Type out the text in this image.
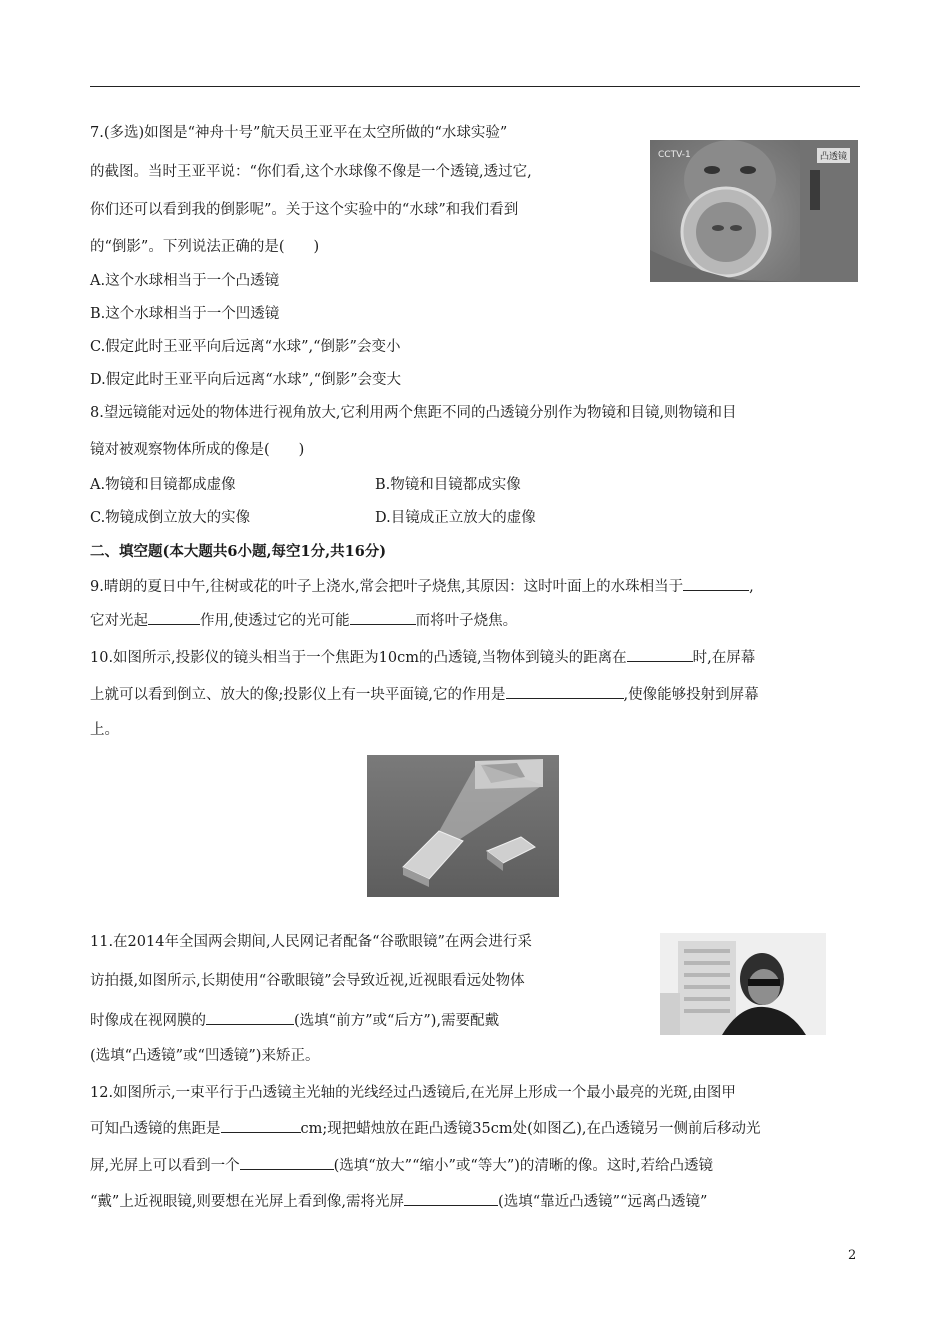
7.(多选)如图是“神舟十号”航天员王亚平在太空所做的“水球实验”
的截图。当时王亚平说：“你们看,这个水球像不像是一个透镜,透过它,
你们还可以看到我的倒影呢”。关于这个实验中的“水球”和我们看到
的“倒影”。下列说法正确的是(　　)
A.这个水球相当于一个凸透镜
B.这个水球相当于一个凹透镜
C.假定此时王亚平向后远离“水球”,“倒影”会变小
D.假定此时王亚平向后远离“水球”,“倒影”会变大
CCTV-1	凸透镜
8.望远镜能对远处的物体进行视角放大,它利用两个焦距不同的凸透镜分别作为物镜和目镜,则物镜和目
镜对被观察物体所成的像是(　　)
A.物镜和目镜都成虚像	B.物镜和目镜都成实像
C.物镜成倒立放大的实像	D.目镜成正立放大的虚像
二、填空题(本大题共6小题,每空1分,共16分)
9.晴朗的夏日中午,往树或花的叶子上浇水,常会把叶子烧焦,其原因：这时叶面上的水珠相当于	,
它对光起	作用,使透过它的光可能	而将叶子烧焦。
10.如图所示,投影仪的镜头相当于一个焦距为10cm的凸透镜,当物体到镜头的距离在	时,在屏幕
上就可以看到倒立、放大的像;投影仪上有一块平面镜,它的作用是	,使像能够投射到屏幕
上。
11.在2014年全国两会期间,人民网记者配备“谷歌眼镜”在两会进行采
访拍摄,如图所示,长期使用“谷歌眼镜”会导致近视,近视眼看远处物体
时像成在视网膜的	(选填“前方”或“后方”),需要配戴
(选填“凸透镜”或“凹透镜”)来矫正。
12.如图所示,一束平行于凸透镜主光轴的光线经过凸透镜后,在光屏上形成一个最小最亮的光斑,由图甲
可知凸透镜的焦距是	cm;现把蜡烛放在距凸透镜35cm处(如图乙),在凸透镜另一侧前后移动光
屏,光屏上可以看到一个	(选填“放大”“缩小”或“等大”)的清晰的像。这时,若给凸透镜
“戴”上近视眼镜,则要想在光屏上看到像,需将光屏	(选填“靠近凸透镜”“远离凸透镜”
2
